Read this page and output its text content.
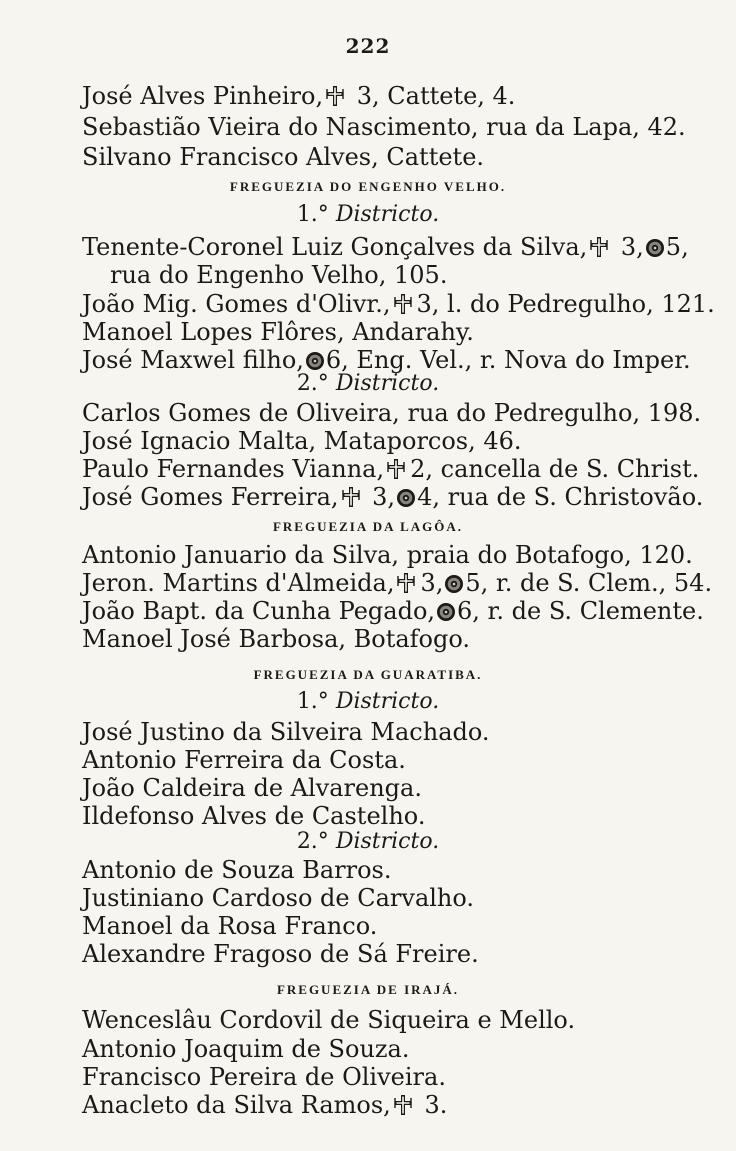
222
José Alves Pinheiro, 3, Cattete, 4.
Sebastião Vieira do Nascimento, rua da Lapa, 42.
Silvano Francisco Alves, Cattete.
FREGUEZIA DO ENGENHO VELHO.
1.° Districto.
Tenente-Coronel Luiz Gonçalves da Silva, 3, 5,
rua do Engenho Velho, 105.
João Mig. Gomes d'Olivr., 3, l. do Pedregulho, 121.
Manoel Lopes Flôres, Andarahy.
José Maxwel filho, 6, Eng. Vel., r. Nova do Imper.
2.° Districto.
Carlos Gomes de Oliveira, rua do Pedregulho, 198.
José Ignacio Malta, Mataporcos, 46.
Paulo Fernandes Vianna, 2, cancella de S. Christ.
José Gomes Ferreira, 3, 4, rua de S. Christovão.
FREGUEZIA DA LAGÔA.
Antonio Januario da Silva, praia do Botafogo, 120.
Jeron. Martins d'Almeida, 3, 5, r. de S. Clem., 54.
João Bapt. da Cunha Pegado, 6, r. de S. Clemente.
Manoel José Barbosa, Botafogo.
FREGUEZIA DA GUARATIBA.
1.° Districto.
José Justino da Silveira Machado.
Antonio Ferreira da Costa.
João Caldeira de Alvarenga.
Ildefonso Alves de Castelho.
2.° Districto.
Antonio de Souza Barros.
Justiniano Cardoso de Carvalho.
Manoel da Rosa Franco.
Alexandre Fragoso de Sá Freire.
FREGUEZIA DE IRAJÁ.
Wenceslâu Cordovil de Siqueira e Mello.
Antonio Joaquim de Souza.
Francisco Pereira de Oliveira.
Anacleto da Silva Ramos, 3.
